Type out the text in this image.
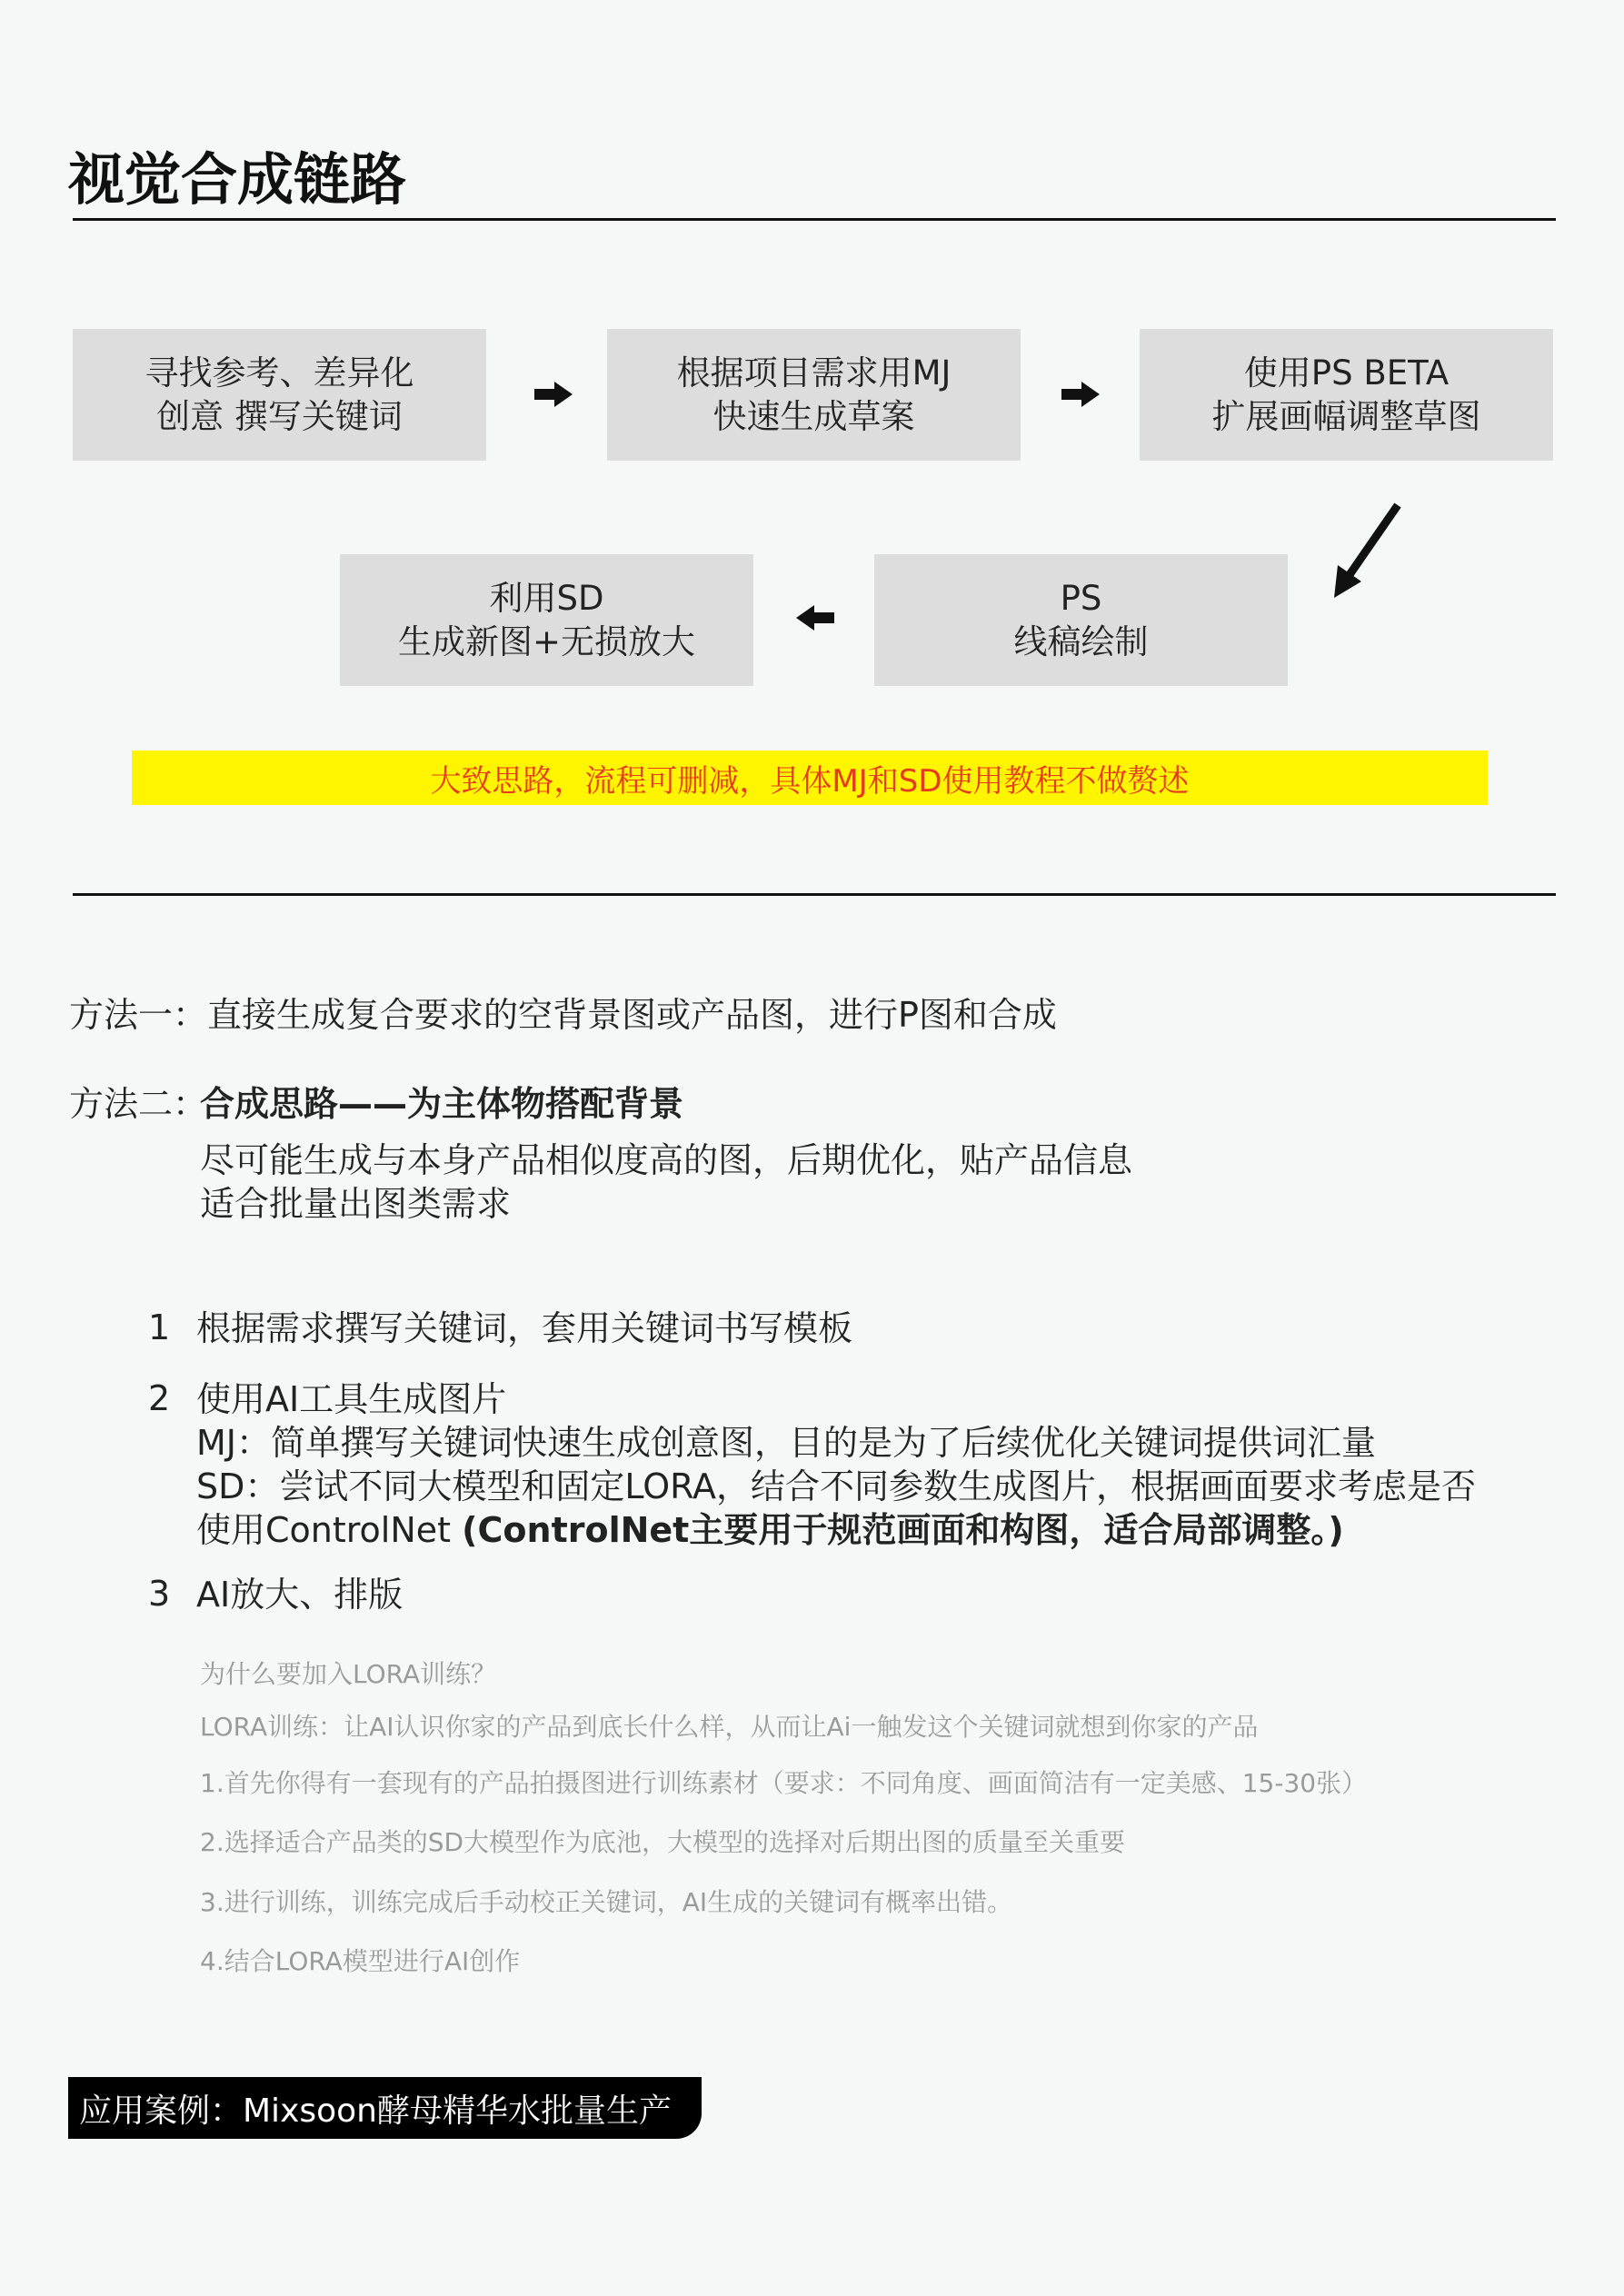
视觉合成链路
寻找参考、差异化
创意 撰写关键词
根据项目需求用MJ
快速生成草案
使用PS BETA
扩展画幅调整草图
PS
线稿绘制
利用SD
生成新图+无损放大
大致思路，流程可删减，具体MJ和SD使用教程不做赘述

方法一：直接生成复合要求的空背景图或产品图，进行P图和合成

方法二：

合成思路——为主体物搭配背景

尽可能生成与本身产品相似度高的图，后期优化，贴产品信息

适合批量出图类需求

1 根据需求撰写关键词，套用关键词书写模板

2 使用AI工具生成图片

MJ：简单撰写关键词快速生成创意图，目的是为了后续优化关键词提供词汇量

SD：尝试不同大模型和固定LORA，结合不同参数生成图片，根据画面要求考虑是否

使用ControlNet (ControlNet主要用于规范画面和构图，适合局部调整。)

3 AI放大、排版

为什么要加入LORA训练？

LORA训练：让AI认识你家的产品到底长什么样，从而让Ai一触发这个关键词就想到你家的产品

1.首先你得有一套现有的产品拍摄图进行训练素材（要求：不同角度、画面简洁有一定美感、15-30张）

2.选择适合产品类的SD大模型作为底池，大模型的选择对后期出图的质量至关重要

3.进行训练，训练完成后手动校正关键词，AI生成的关键词有概率出错。

4.结合LORA模型进行AI创作

应用案例：Mixsoon酵母精华水批量生产
